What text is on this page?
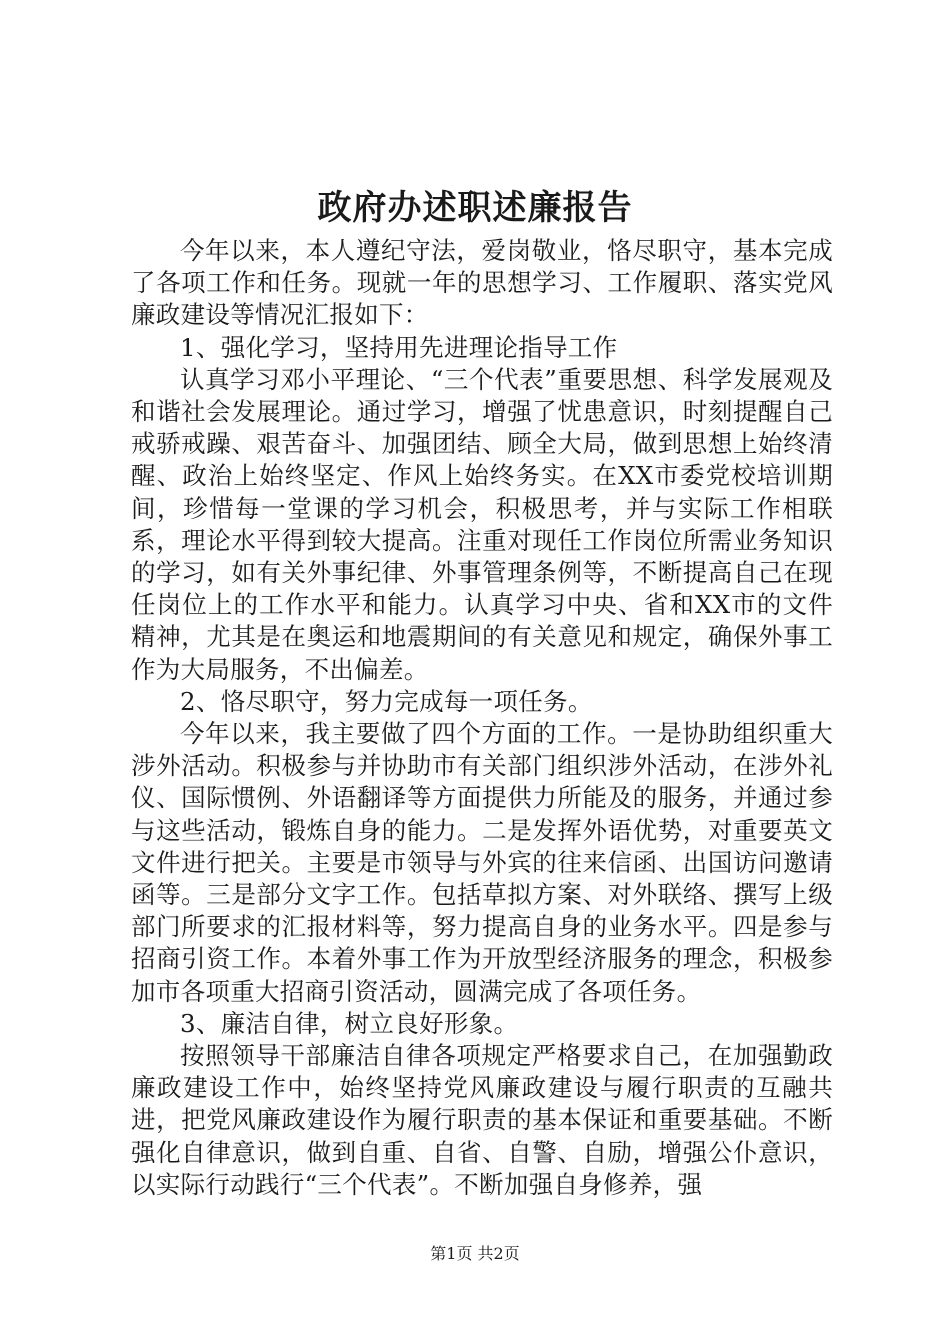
政府办述职述廉报告

今年以来，本人遵纪守法，爱岗敬业，恪尽职守，基本完成了各项工作和任务。现就一年的思想学习、工作履职、落实党风廉政建设等情况汇报如下：

1、强化学习，坚持用先进理论指导工作

认真学习邓小平理论、“三个代表”重要思想、科学发展观及和谐社会发展理论。通过学习，增强了忧患意识，时刻提醒自己戒骄戒躁、艰苦奋斗、加强团结、顾全大局，做到思想上始终清醒、政治上始终坚定、作风上始终务实。在XX市委党校培训期间，珍惜每一堂课的学习机会，积极思考，并与实际工作相联系，理论水平得到较大提高。注重对现任工作岗位所需业务知识的学习，如有关外事纪律、外事管理条例等，不断提高自己在现任岗位上的工作水平和能力。认真学习中央、省和XX市的文件精神，尤其是在奥运和地震期间的有关意见和规定，确保外事工作为大局服务，不出偏差。

2、恪尽职守，努力完成每一项任务。

今年以来，我主要做了四个方面的工作。一是协助组织重大涉外活动。积极参与并协助市有关部门组织涉外活动，在涉外礼仪、国际惯例、外语翻译等方面提供力所能及的服务，并通过参与这些活动，锻炼自身的能力。二是发挥外语优势，对重要英文文件进行把关。主要是市领导与外宾的往来信函、出国访问邀请函等。三是部分文字工作。包括草拟方案、对外联络、撰写上级部门所要求的汇报材料等，努力提高自身的业务水平。四是参与招商引资工作。本着外事工作为开放型经济服务的理念，积极参加市各项重大招商引资活动，圆满完成了各项任务。

3、廉洁自律，树立良好形象。

按照领导干部廉洁自律各项规定严格要求自己，在加强勤政廉政建设工作中，始终坚持党风廉政建设与履行职责的互融共进，把党风廉政建设作为履行职责的基本保证和重要基础。不断强化自律意识，做到自重、自省、自警、自励，增强公仆意识，以实际行动践行“三个代表”。不断加强自身修养，强

第1页 共2页
